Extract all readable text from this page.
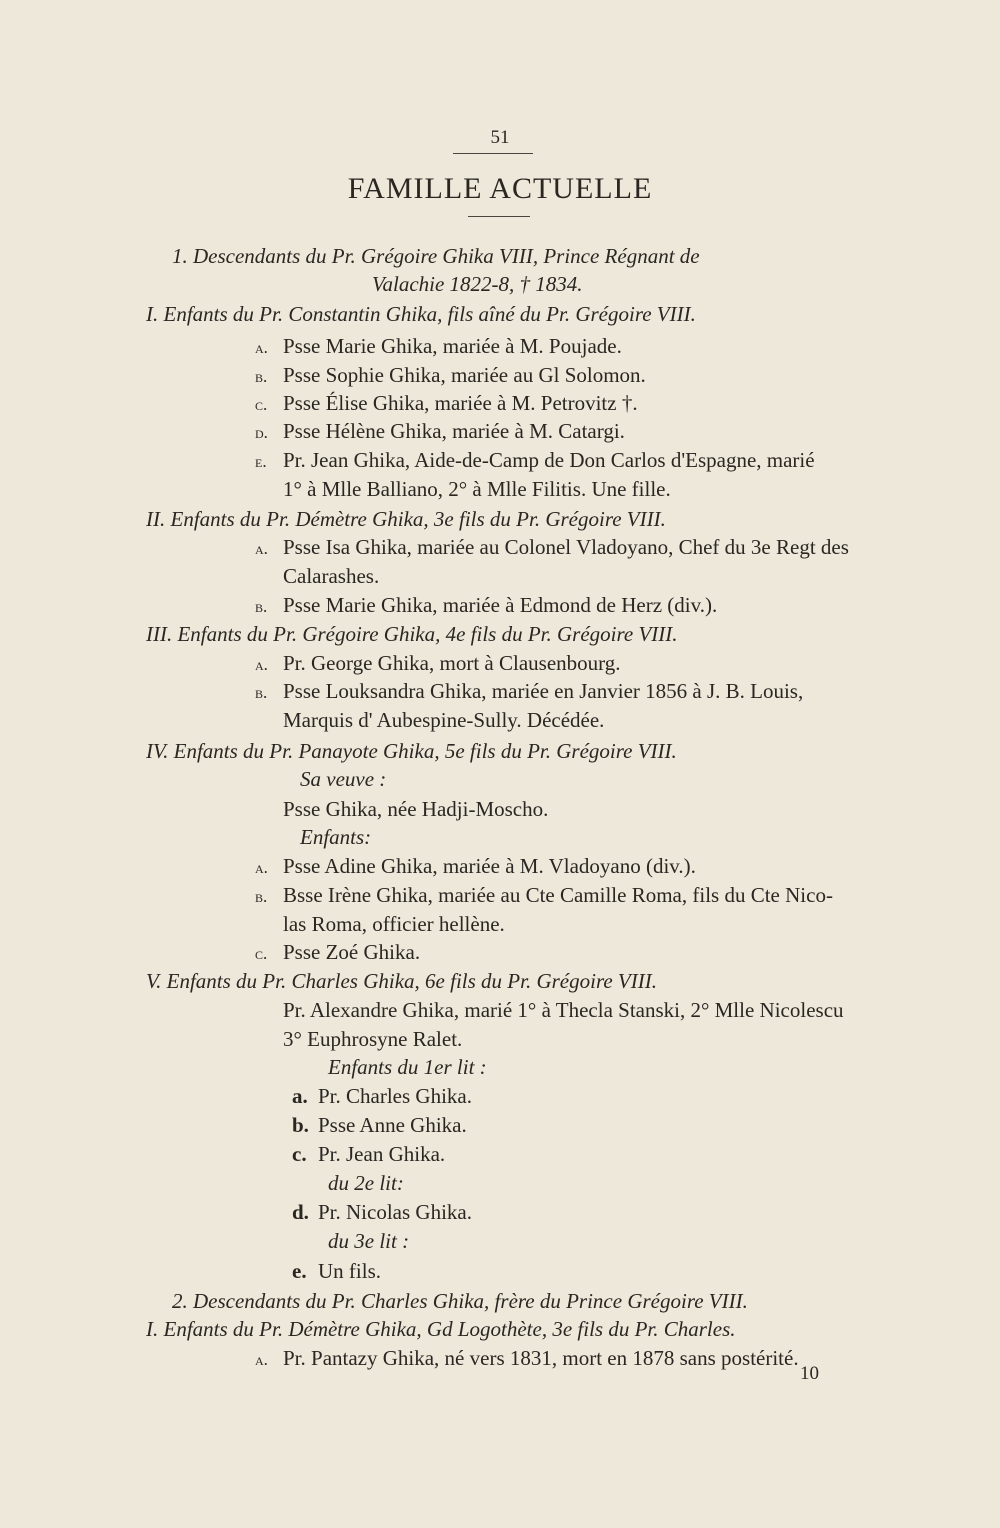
51
FAMILLE ACTUELLE
1. Descendants du Pr. Grégoire Ghika VIII, Prince Régnant de
Valachie 1822-8, † 1834.
I. Enfants du Pr. Constantin Ghika, fils aîné du Pr. Grégoire VIII.
a. Psse Marie Ghika, mariée à M. Poujade.
b. Psse Sophie Ghika, mariée au Gl Solomon.
c. Psse Élise Ghika, mariée à M. Petrovitz †.
d. Psse Hélène Ghika, mariée à M. Catargi.
e. Pr. Jean Ghika, Aide-de-Camp de Don Carlos d'Espagne, marié
1° à Mlle Balliano, 2° à Mlle Filitis. Une fille.
II. Enfants du Pr. Démètre Ghika, 3e fils du Pr. Grégoire VIII.
a. Psse Isa Ghika, mariée au Colonel Vladoyano, Chef du 3e Regt des
Calarashes.
b. Psse Marie Ghika, mariée à Edmond de Herz (div.).
III. Enfants du Pr. Grégoire Ghika, 4e fils du Pr. Grégoire VIII.
a. Pr. George Ghika, mort à Clausenbourg.
b. Psse Louksandra Ghika, mariée en Janvier 1856 à J. B. Louis,
Marquis d' Aubespine-Sully. Décédée.
IV. Enfants du Pr. Panayote Ghika, 5e fils du Pr. Grégoire VIII.
Sa veuve :
Psse Ghika, née Hadji-Moscho.
Enfants:
a. Psse Adine Ghika, mariée à M. Vladoyano (div.).
b. Bsse Irène Ghika, mariée au Cte Camille Roma, fils du Cte Nico-
las Roma, officier hellène.
c. Psse Zoé Ghika.
V. Enfants du Pr. Charles Ghika, 6e fils du Pr. Grégoire VIII.
Pr. Alexandre Ghika, marié 1° à Thecla Stanski, 2° Mlle Nicolescu
3° Euphrosyne Ralet.
Enfants du 1er lit :
a. Pr. Charles Ghika.
b. Psse Anne Ghika.
c. Pr. Jean Ghika.
du 2e lit:
d. Pr. Nicolas Ghika.
du 3e lit :
e. Un fils.
2. Descendants du Pr. Charles Ghika, frère du Prince Grégoire VIII.
I. Enfants du Pr. Démètre Ghika, Gd Logothète, 3e fils du Pr. Charles.
a. Pr. Pantazy Ghika, né vers 1831, mort en 1878 sans postérité.
10
